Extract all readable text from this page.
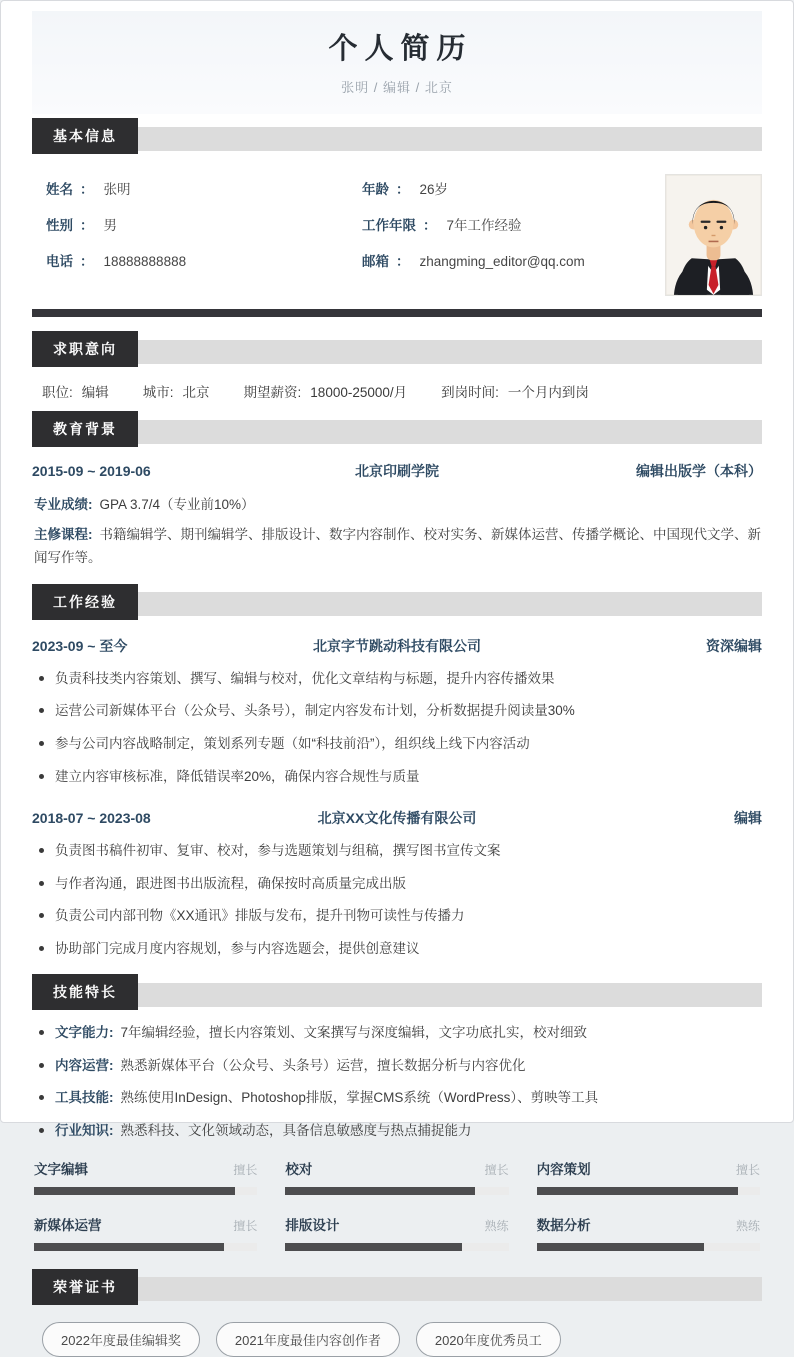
个人简历
张明 / 编辑 / 北京
基本信息
姓名 ： 张明	年龄 ： 26岁
性别 ： 男	工作年限 ： 7年工作经验
电话 ： 18888888888	邮箱 ： zhangming_editor@qq.com
求职意向
职位: 编辑	城市: 北京	期望薪资: 18000-25000/月	到岗时间: 一个月内到岗
教育背景
2015-09 ~ 2019-06	北京印刷学院	编辑出版学（本科）
专业成绩: GPA 3.7/4（专业前10%）
主修课程: 书籍编辑学、期刊编辑学、排版设计、数字内容制作、校对实务、新媒体运营、传播学概论、中国现代文学、新闻写作等。
工作经验
2023-09 ~ 至今	北京字节跳动科技有限公司	资深编辑
负责科技类内容策划、撰写、编辑与校对，优化文章结构与标题，提升内容传播效果
运营公司新媒体平台（公众号、头条号），制定内容发布计划，分析数据提升阅读量30%
参与公司内容战略制定，策划系列专题（如“科技前沿”），组织线上线下内容活动
建立内容审核标准，降低错误率20%，确保内容合规性与质量
2018-07 ~ 2023-08	北京XX文化传播有限公司	编辑
负责图书稿件初审、复审、校对，参与选题策划与组稿，撰写图书宣传文案
与作者沟通，跟进图书出版流程，确保按时高质量完成出版
负责公司内部刊物《XX通讯》排版与发布，提升刊物可读性与传播力
协助部门完成月度内容规划，参与内容选题会，提供创意建议
技能特长
文字能力: 7年编辑经验，擅长内容策划、文案撰写与深度编辑，文字功底扎实，校对细致
内容运营: 熟悉新媒体平台（公众号、头条号）运营，擅长数据分析与内容优化
工具技能: 熟练使用InDesign、Photoshop排版，掌握CMS系统（WordPress）、剪映等工具
行业知识: 熟悉科技、文化领域动态，具备信息敏感度与热点捕捉能力
文字编辑	擅长 校对	擅长 内容策划	擅长
新媒体运营	擅长 排版设计	熟练 数据分析	熟练
荣誉证书
2022年度最佳编辑奖	2021年度最佳内容创作者	2020年度优秀员工
